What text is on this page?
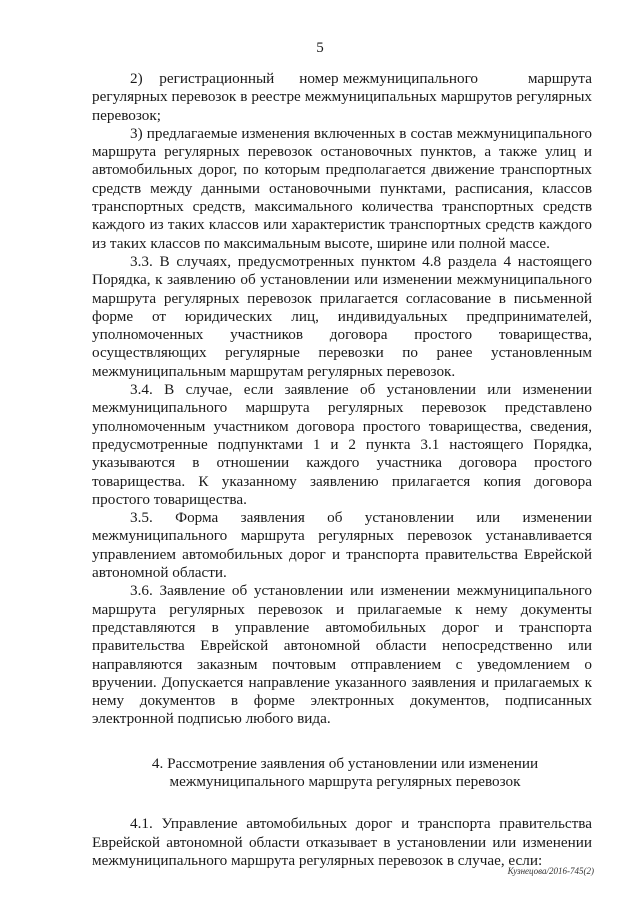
5

2)    регистрационный      номер межмуниципального            маршрута регулярных перевозок в реестре межмуниципальных маршрутов регулярных перевозок;

3) предлагаемые изменения включенных в состав межмуниципального маршрута регулярных перевозок остановочных пунктов, а также улиц и автомобильных дорог, по которым предполагается движение транспортных средств между данными остановочными пунктами, расписания, классов транспортных средств, максимального количества транспортных средств каждого из таких классов или характеристик транспортных средств каждого из таких классов по максимальным высоте, ширине или полной массе.

3.3. В случаях, предусмотренных пунктом 4.8 раздела 4 настоящего Порядка, к заявлению об установлении или изменении межмуниципального маршрута регулярных перевозок прилагается согласование в письменной форме от юридических лиц, индивидуальных предпринимателей, уполномоченных участников договора простого товарищества, осуществляющих регулярные перевозки по ранее установленным межмуниципальным маршрутам регулярных перевозок.

3.4. В случае, если заявление об установлении или изменении межмуниципального маршрута регулярных перевозок представлено уполномоченным участником договора простого товарищества, сведения, предусмотренные подпунктами 1 и 2 пункта 3.1 настоящего Порядка, указываются в отношении каждого участника договора простого товарищества. К указанному заявлению прилагается копия договора простого товарищества.

3.5. Форма заявления об установлении или изменении межмуниципального маршрута регулярных перевозок устанавливается управлением автомобильных дорог и транспорта правительства Еврейской автономной области.

3.6. Заявление об установлении или изменении межмуниципального маршрута регулярных перевозок и прилагаемые к нему документы представляются в управление автомобильных дорог и транспорта правительства Еврейской автономной области непосредственно или направляются заказным почтовым отправлением с уведомлением о вручении. Допускается направление указанного заявления и прилагаемых к нему документов в форме электронных документов, подписанных электронной подписью любого вида.

4. Рассмотрение заявления об установлении или изменении
межмуниципального маршрута регулярных перевозок

4.1. Управление автомобильных дорог и транспорта правительства Еврейской автономной области отказывает в установлении или изменении межмуниципального маршрута регулярных перевозок в случае, если:

Кузнецова/2016-745(2)
